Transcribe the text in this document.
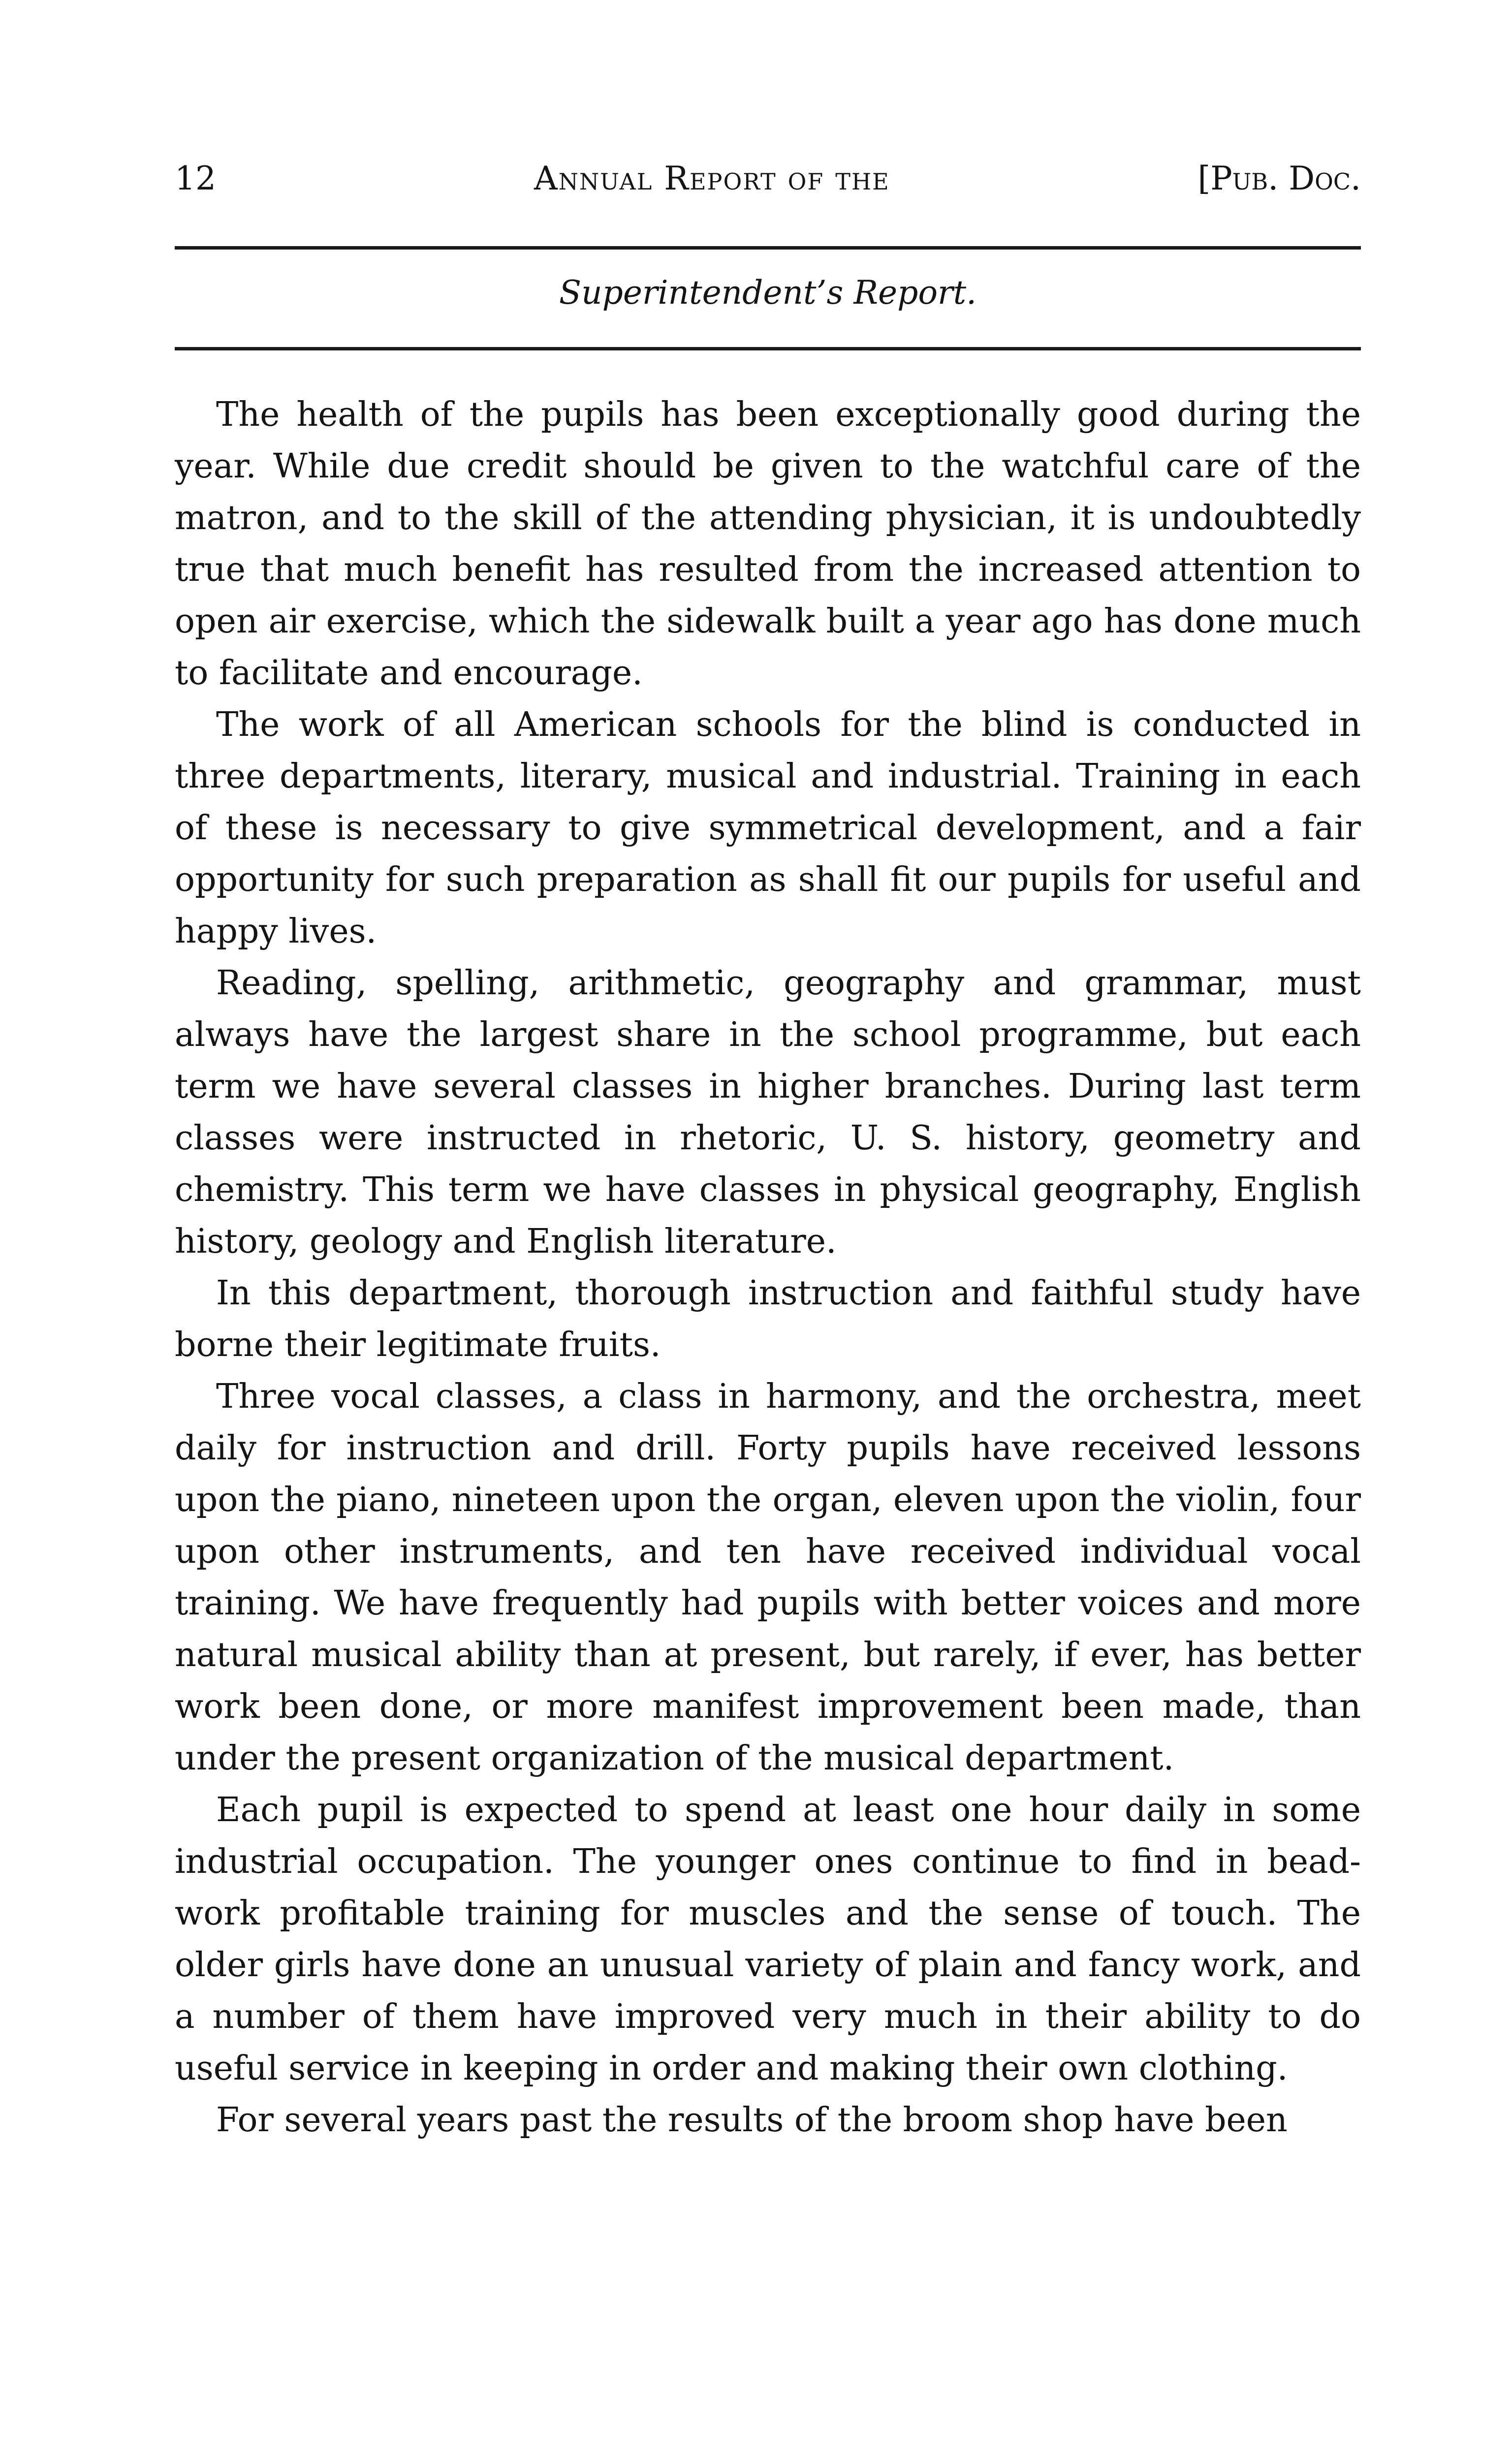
12	Annual Report of the	[Pub. Doc.
Superintendent’s Report.

The health of the pupils has been exceptionally good during the year. While due credit should be given to the watchful care of the matron, and to the skill of the attending physician, it is undoubtedly true that much benefit has resulted from the increased attention to open air exercise, which the sidewalk built a year ago has done much to facilitate and encourage.

The work of all American schools for the blind is conducted in three departments, literary, musical and industrial. Training in each of these is necessary to give symmetrical development, and a fair opportunity for such preparation as shall fit our pupils for useful and happy lives.

Reading, spelling, arithmetic, geography and grammar, must always have the largest share in the school programme, but each term we have several classes in higher branches. During last term classes were instructed in rhetoric, U. S. history, geometry and chemistry. This term we have classes in physical geography, English history, geology and English literature.

In this department, thorough instruction and faithful study have borne their legitimate fruits.

Three vocal classes, a class in harmony, and the orchestra, meet daily for instruction and drill. Forty pupils have received lessons upon the piano, nineteen upon the organ, eleven upon the violin, four upon other instruments, and ten have received individual vocal training. We have frequently had pupils with better voices and more natural musical ability than at present, but rarely, if ever, has better work been done, or more manifest improvement been made, than under the present organization of the musical department.

Each pupil is expected to spend at least one hour daily in some industrial occupation. The younger ones continue to find in bead-work profitable training for muscles and the sense of touch. The older girls have done an unusual variety of plain and fancy work, and a number of them have improved very much in their ability to do useful service in keeping in order and making their own clothing.

For several years past the results of the broom shop have been
